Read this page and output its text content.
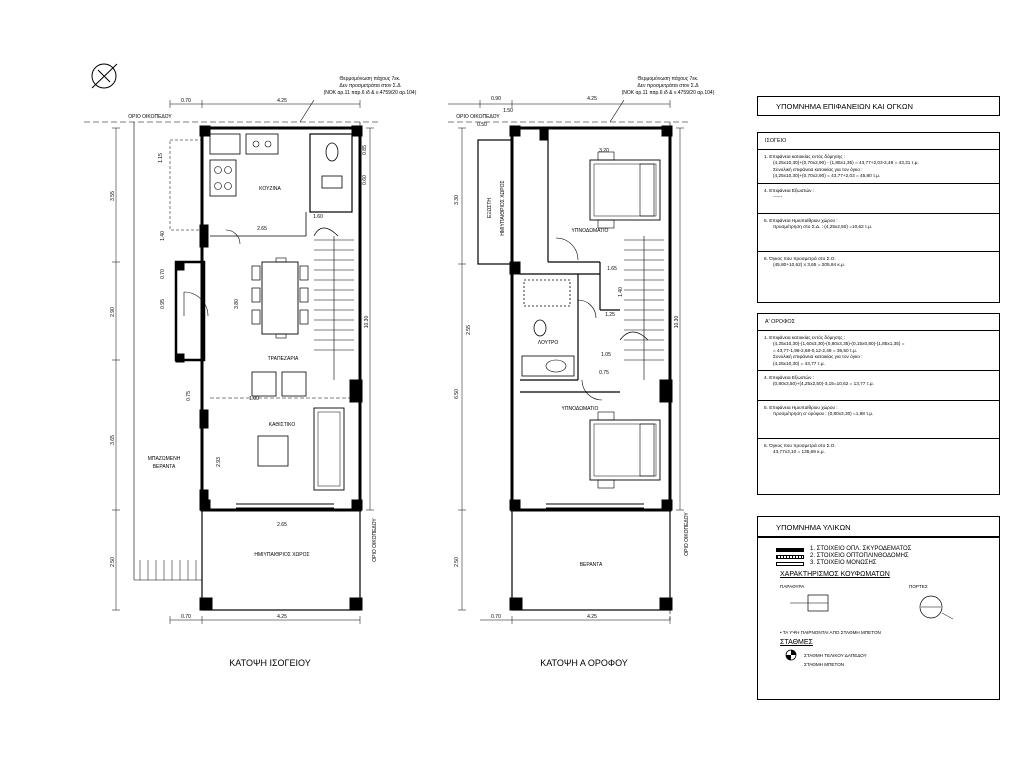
Θερμομόνωση πάχους 7εκ.
Δεν προσμετράται στον Σ.Δ
(ΝΟΚ αρ.11 παρ.6 ιδ & ν.4759/20 αρ.104)
ΟΡΙΟ ΟΙΚΟΠΕΔΟΥ
ΟΡΙΟ ΟΙΚΟΠΕΔΟΥ
ΚΟΥΖΙΝΑ
ΤΡΑΠΕΖΑΡΙΑ
ΚΑΘΙΣΤΙΚΟ
ΗΜΙΥΠΑΙΘΡΙΟΣ ΧΩΡΟΣ
ΜΠΑΖΩΜΕΝΗ
ΒΕΡΑΝΤΑ
0.70	4.25
2.65
2.65
3.55
1.40
0.70
0.95
2.90
0.75
3.65
3.80
2.93
1.00
2.50
10.30
0.70	4.25
1.15
0.85
0.60
1.60
ΚΑΤΟΨΗ ΙΣΟΓΕΙΟΥ
Θερμομόνωση πάχους 7εκ.
Δεν προσμετράται στον Σ.Δ
(ΝΟΚ αρ.11 παρ.6 ιδ & ν.4759/20 αρ.104)
ΟΡΙΟ ΟΙΚΟΠΕΔΟΥ
ΥΠΝΟΔΩΜΑΤΙΟ
ΥΠΝΟΔΩΜΑΤΙΟ
ΛΟΥΤΡΟ
ΕΞΩΣΤΗ ΗΜΙΥΠΑΙΘΡΙΟΣ ΧΩΡΟΣ
ΒΕΡΑΝΤΑ
0.90	4.25
1.50
0.50
3.20
3.30
1.65
1.25
1.05
0.75
2.55
6.50
1.40
10.30
2.50
0.70	4.25
ΟΡΙΟ ΟΙΚΟΠΕΔΟΥ
ΚΑΤΟΨΗ Α ΟΡΟΦΟΥ
ΥΠΟΜΝΗΜΑ ΕΠΙΦΑΝΕΙΩΝ ΚΑΙ ΟΓΚΩΝ
ΙΣΟΓΕΙΟ
1. Επιφάνεια κατοικίας εντός δόμησης :
(4,25x10,30)+(0,70x2,90) - (1,85x1,35) = 43,77+2,03-2,49 = 43,31 τ.μ.
Συνολική επιφάνεια κατοικίας για τον όγκο :
(4,25x10,30)+(0,70x2,90) = 43,77+2,03 = 45,80 τ.μ.
4. Επιφάνεια Εξωστών :
------
5. Επιφάνεια Ημιυπαίθριου χώρου :
προσμέτρηση στο Σ.Δ. : (4,25x2,50) =10,62 τ.μ.
6. Όγκος που προσμετρά στο Σ.Ο.
(45,80+10,62) x 3,65 = 205,94 κ.μ.
Α' ΟΡΟΦΟΣ
1. Επιφάνεια κατοικίας εντός δόμησης :
(4,25x10,30)-(1,60x3,30)-(0,80x3,35)-(0,15x0,80)-(1,85x1,35) =
= 43,77-1,98-2,68-0,12-2,49 = 36,50 τ.μ.
Συνολική επιφάνεια κατοικίας για τον όγκο :
(4,25x10,30) = 43,77 τ.μ.
4. Επιφάνεια Εξωστών :
(0,80x3,50)+(4,25x2,50)-3,15=10,62 = 13,77 τ.μ.
5. Επιφάνεια Ημιυπαίθριου χώρου :
προσμέτρηση α' ορόφου : (0,80x3,30) =1,98 τ.μ.
6. Όγκος που προσμετρά στο Σ.Ο.
43,77x3,10 = 135,69 κ.μ.
ΥΠΟΜΝΗΜΑ ΥΛΙΚΩΝ
1. ΣΤΟΙΧΕΙΟ ΟΠΛ. ΣΚΥΡΟΔΕΜΑΤΟΣ
2. ΣΤΟΙΧΕΙΟ ΟΠΤΟΠΛΙΝΘΟΔΟΜΗΣ
3. ΣΤΟΙΧΕΙΟ ΜΟΝΩΣΗΣ
ΧΑΡΑΚΤΗΡΙΣΜΟΣ ΚΟΥΦΩΜΑΤΩΝ
ΠΑΡΑΘΥΡΑ	ΠΟΡΤΕΣ
• ΤΑ ΥΨΗ ΠΑΙΡΝΟΝΤΑΙ ΑΠΟ ΣΤΑΘΜΗ ΜΠΕΤΟΝ
ΣΤΑΘΜΕΣ
ΣΤΑΘΜΗ ΤΕΛΙΚΟΥ ΔΑΠΕΔΟΥ
ΣΤΑΘΜΗ ΜΠΕΤΟΝ
